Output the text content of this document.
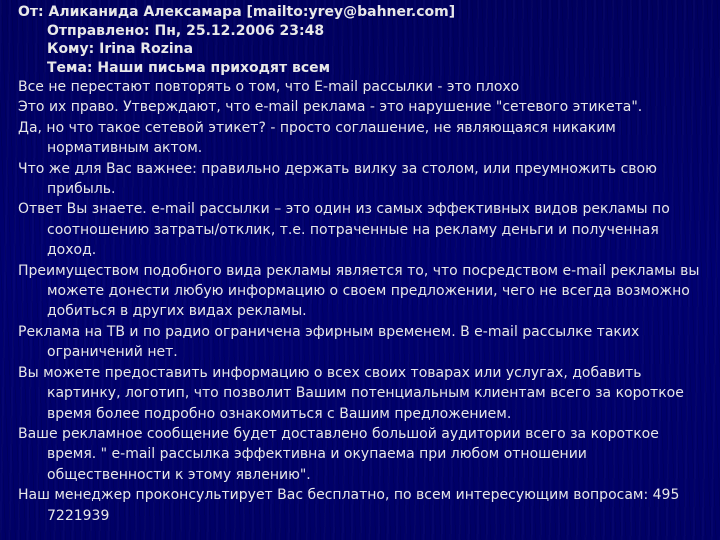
От: Аликанида Алексамара [mailto:yrey@bahner.com]
Отправлено: Пн, 25.12.2006 23:48
Кому: Irina Rozina
Тема: Наши письма приходят всем

Все не перестают повторять о том, что E-mail рассылки - это плохо

Это их право. Утверждают, что e-mail реклама - это нарушение "сетевого этикета".

Да, но что такое сетевой этикет? - просто соглашение, не являющаяся никаким нормативным актом.

Что же для Вас важнее: правильно держать вилку за столом, или преумножить свою прибыль.

Ответ Вы знаете. e-mail рассылки – это один из самых эффективных видов рекламы по соотношению затраты/отклик, т.е. потраченные на рекламу деньги и полученная доход.

Преимуществом подобного вида рекламы является то, что посредством e-mail рекламы вы можете донести любую информацию о своем предложении, чего не всегда возможно добиться в других видах рекламы.

Реклама на ТВ и по радио ограничена эфирным временем. В e-mail рассылке таких ограничений нет.

Вы можете предоставить информацию о всех своих товарах или услугах, добавить картинку, логотип, что позволит Вашим потенциальным клиентам всего за короткое время более подробно ознакомиться с Вашим предложением.

Ваше рекламное сообщение будет доставлено большой аудитории всего за короткое время. " e-mail рассылка эффективна и окупаема при любом отношении общественности к этому явлению".

Наш менеджер проконсультирует Вас бесплатно, по всем интересующим вопросам: 495 7221939
